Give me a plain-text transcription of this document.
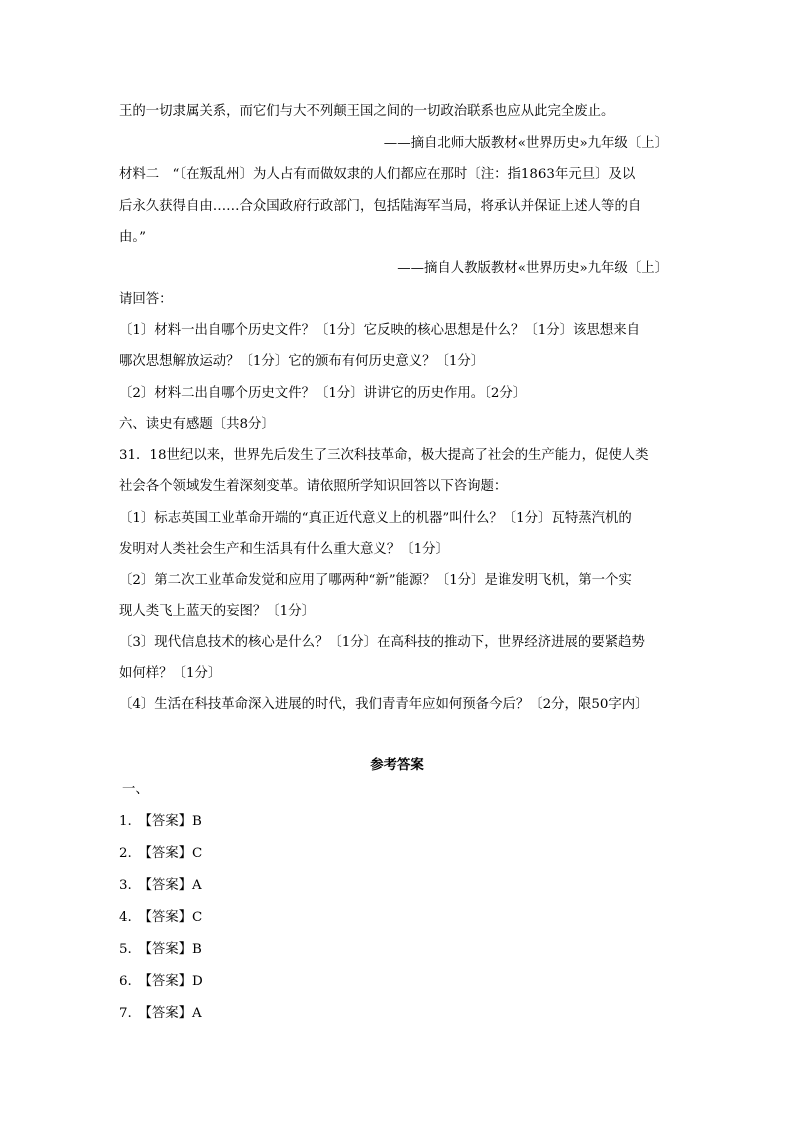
王的一切隶属关系，而它们与大不列颠王国之间的一切政治联系也应从此完全废止。
——摘自北师大版教材«世界历史»九年级〔上〕
材料二　“〔在叛乱州〕为人占有而做奴隶的人们都应在那时〔注：指1863年元旦〕及以
后永久获得自由……合众国政府行政部门，包括陆海军当局，将承认并保证上述人等的自
由。”
——摘自人教版教材«世界历史»九年级〔上〕
请回答：
〔1〕材料一出自哪个历史文件？〔1分〕它反映的核心思想是什么？〔1分〕该思想来自
哪次思想解放运动？〔1分〕它的颁布有何历史意义？〔1分〕
〔2〕材料二出自哪个历史文件？〔1分〕讲讲它的历史作用。〔2分〕
六、读史有感题〔共8分〕
31．18世纪以来，世界先后发生了三次科技革命，极大提高了社会的生产能力，促使人类
社会各个领域发生着深刻变革。请依照所学知识回答以下咨询题：
〔1〕标志英国工业革命开端的“真正近代意义上的机器”叫什么？〔1分〕瓦特蒸汽机的
发明对人类社会生产和生活具有什么重大意义？〔1分〕
〔2〕第二次工业革命发觉和应用了哪两种“新”能源？〔1分〕是谁发明飞机，第一个实
现人类飞上蓝天的妄图？〔1分〕
〔3〕现代信息技术的核心是什么？〔1分〕在高科技的推动下，世界经济进展的要紧趋势
如何样？〔1分〕
〔4〕生活在科技革命深入进展的时代，我们青青年应如何预备今后？〔2分，限50字内〕
参考答案
一、
1.　【答案】B
2.　【答案】C
3.　【答案】A
4.　【答案】C
5.　【答案】B
6.　【答案】D
7.　【答案】A
